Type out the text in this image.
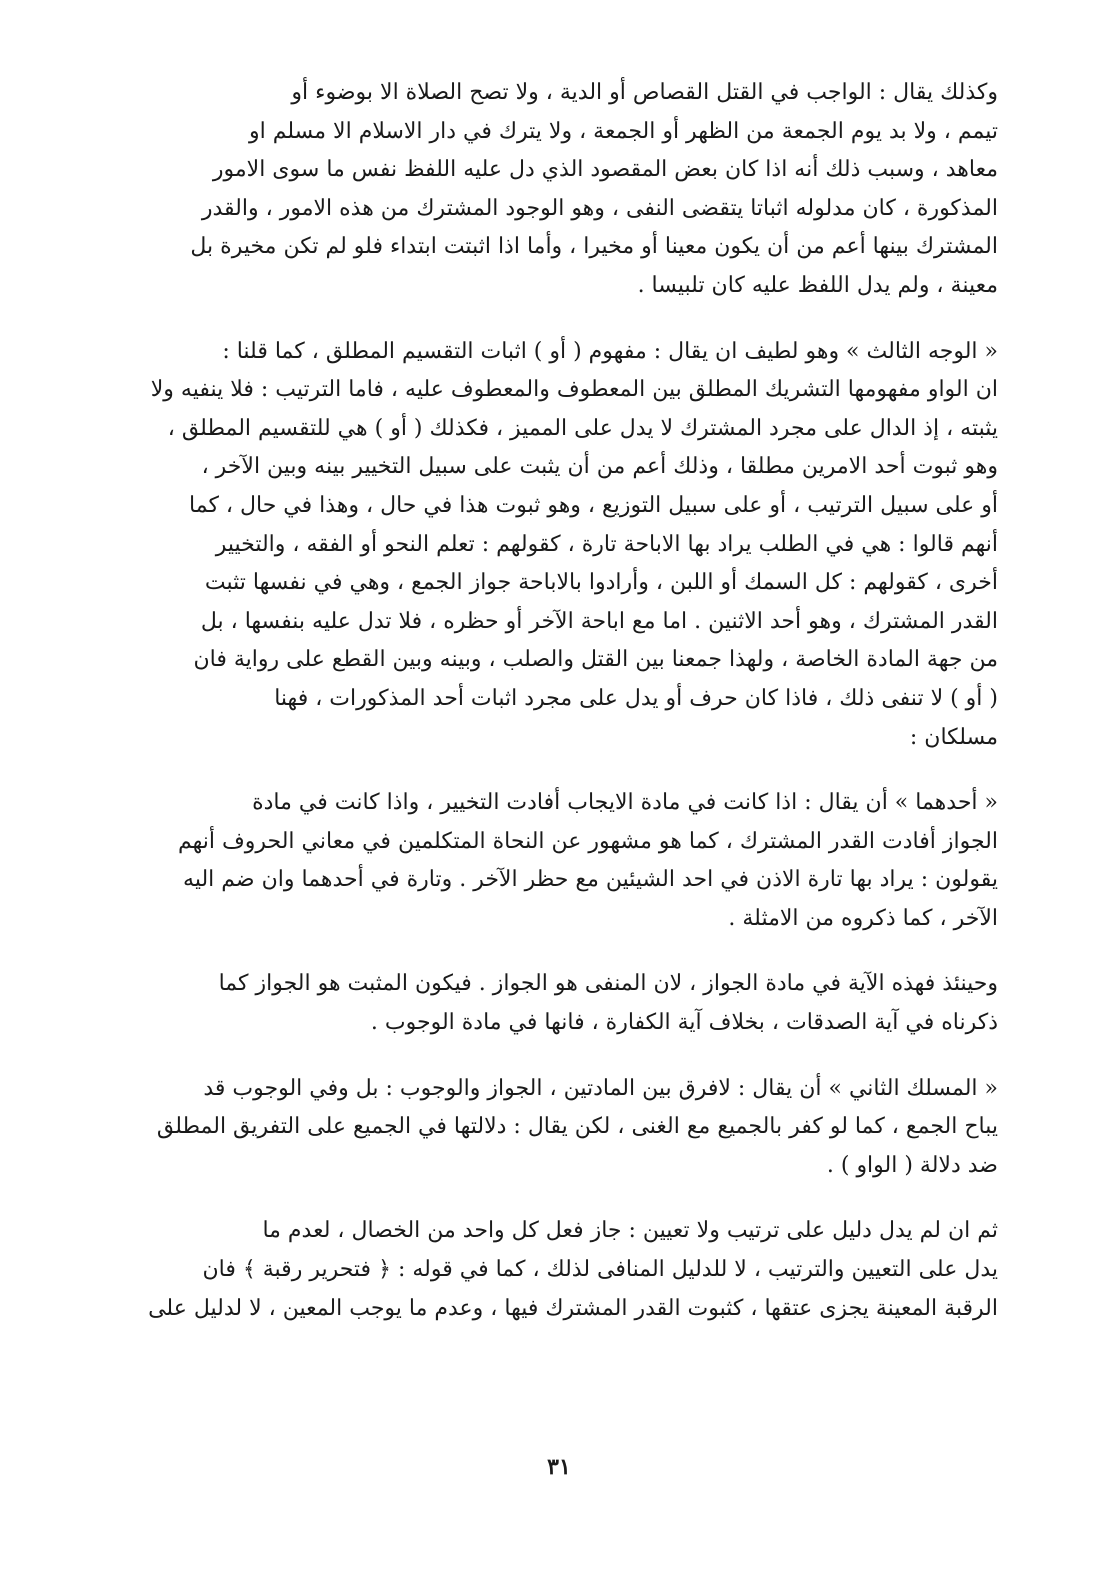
وكذلك يقال : الواجب في القتل القصاص أو الدية ، ولا تصح الصلاة الا بوضوء أو
تيمم ، ولا بد يوم الجمعة من الظهر أو الجمعة ، ولا يترك في دار الاسلام الا مسلم او
معاهد ، وسبب ذلك أنه اذا كان بعض المقصود الذي دل عليه اللفظ نفس ما سوى الامور
المذكورة ، كان مدلوله اثباتا يتقضى النفى ، وهو الوجود المشترك من هذه الامور ، والقدر
المشترك بينها أعم من أن يكون معينا أو مخيرا ، وأما اذا اثبتت ابتداء فلو لم تكن مخيرة بل
معينة ، ولم يدل اللفظ عليه كان تلبيسا .

« الوجه الثالث » وهو لطيف ان يقال : مفهوم ( أو ) اثبات التقسيم المطلق ، كما قلنا :
ان الواو مفهومها التشريك المطلق بين المعطوف والمعطوف عليه ، فاما الترتيب : فلا ينفيه ولا
يثبته ، إذ الدال على مجرد المشترك لا يدل على المميز ، فكذلك ( أو ) هي للتقسيم المطلق ،
وهو ثبوت أحد الامرين مطلقا ، وذلك أعم من أن يثبت على سبيل التخيير بينه وبين الآخر ،
أو على سبيل الترتيب ، أو على سبيل التوزيع ، وهو ثبوت هذا في حال ، وهذا في حال ، كما
أنهم قالوا : هي في الطلب يراد بها الاباحة تارة ، كقولهم : تعلم النحو أو الفقه ، والتخيير
أخرى ، كقولهم : كل السمك أو اللبن ، وأرادوا بالاباحة جواز الجمع ، وهي في نفسها تثبت
القدر المشترك ، وهو أحد الاثنين . اما مع اباحة الآخر أو حظره ، فلا تدل عليه بنفسها ، بل
من جهة المادة الخاصة ، ولهذا جمعنا بين القتل والصلب ، وبينه وبين القطع على رواية فان
( أو ) لا تنفى ذلك ، فاذا كان حرف أو يدل على مجرد اثبات أحد المذكورات ، فهنا
مسلكان :

« أحدهما » أن يقال : اذا كانت في مادة الايجاب أفادت التخيير ، واذا كانت في مادة
الجواز أفادت القدر المشترك ، كما هو مشهور عن النحاة المتكلمين في معاني الحروف أنهم
يقولون : يراد بها تارة الاذن في احد الشيئين مع حظر الآخر . وتارة في أحدهما وان ضم اليه
الآخر ، كما ذكروه من الامثلة .

وحينئذ فهذه الآية في مادة الجواز ، لان المنفى هو الجواز . فيكون المثبت هو الجواز كما
ذكرناه في آية الصدقات ، بخلاف آية الكفارة ، فانها في مادة الوجوب .

« المسلك الثاني » أن يقال : لافرق بين المادتين ، الجواز والوجوب : بل وفي الوجوب قد
يباح الجمع ، كما لو كفر بالجميع مع الغنى ، لكن يقال : دلالتها في الجميع على التفريق المطلق
ضد دلالة ( الواو ) .

ثم ان لم يدل دليل على ترتيب ولا تعيين : جاز فعل كل واحد من الخصال ، لعدم ما
يدل على التعيين والترتيب ، لا للدليل المنافى لذلك ، كما في قوله : ﴿ فتحرير رقبة ﴾ فان
الرقبة المعينة يجزى عتقها ، كثبوت القدر المشترك فيها ، وعدم ما يوجب المعين ، لا لدليل على

٣١
